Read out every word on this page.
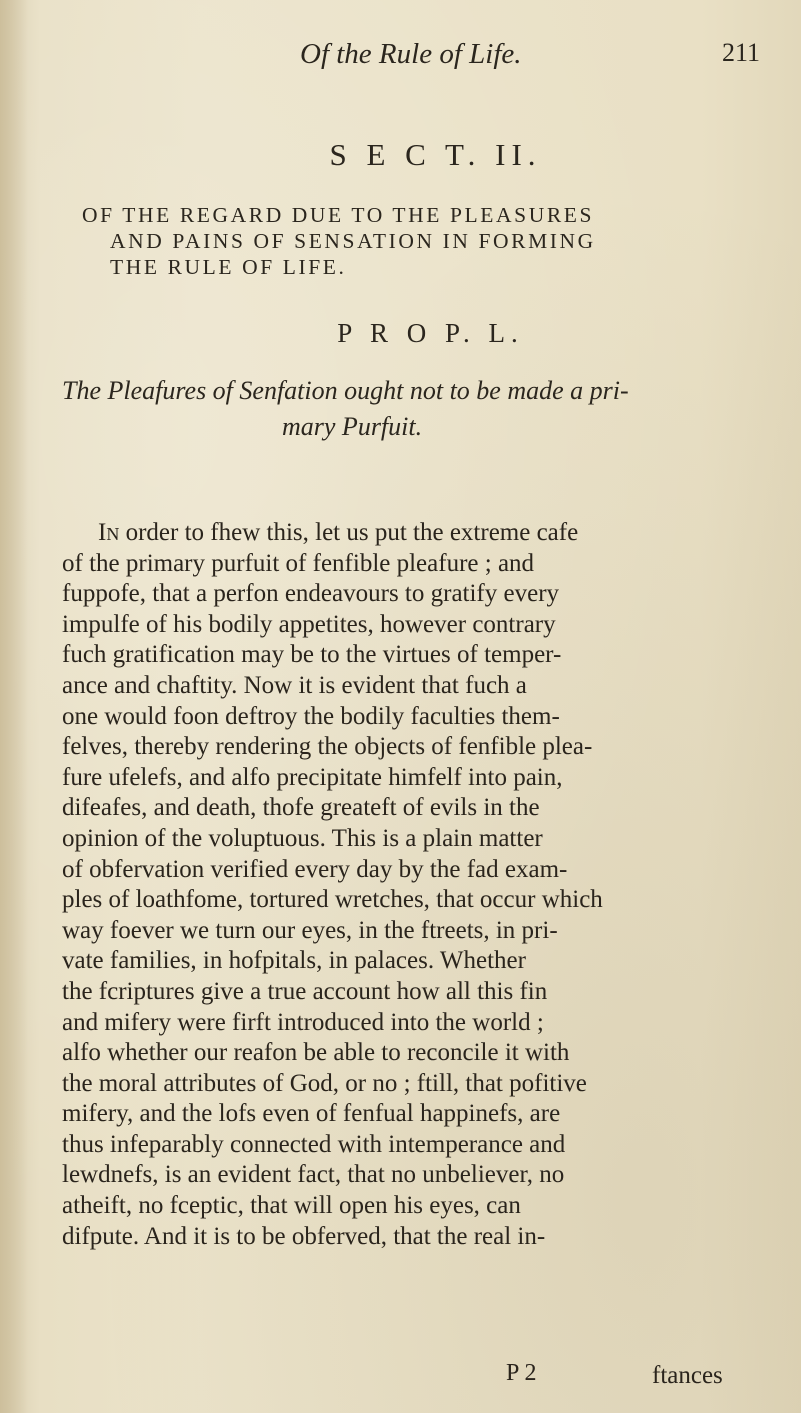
Of the Rule of Life.	211
S E C T. II.
OF THE REGARD DUE TO THE PLEASURES
AND PAINS OF SENSATION IN FORMING
THE RULE OF LIFE.
P R O P. L.
The Pleafures of Senfation ought not to be made a pri-
mary Purfuit.
In order to fhew this, let us put the extreme cafe
of the primary purfuit of fenfible pleafure ; and
fuppofe, that a perfon endeavours to gratify every
impulfe of his bodily appetites, however contrary
fuch gratification may be to the virtues of temper-
ance and chaftity. Now it is evident that fuch a
one would foon deftroy the bodily faculties them-
felves, thereby rendering the objects of fenfible plea-
fure ufelefs, and alfo precipitate himfelf into pain,
difeafes, and death, thofe greateft of evils in the
opinion of the voluptuous. This is a plain matter
of obfervation verified every day by the fad exam-
ples of loathfome, tortured wretches, that occur which
way foever we turn our eyes, in the ftreets, in pri-
vate families, in hofpitals, in palaces. Whether
the fcriptures give a true account how all this fin
and mifery were firft introduced into the world ;
alfo whether our reafon be able to reconcile it with
the moral attributes of God, or no ; ftill, that pofitive
mifery, and the lofs even of fenfual happinefs, are
thus infeparably connected with intemperance and
lewdnefs, is an evident fact, that no unbeliever, no
atheift, no fceptic, that will open his eyes, can
difpute. And it is to be obferved, that the real in-
P 2	ftances
